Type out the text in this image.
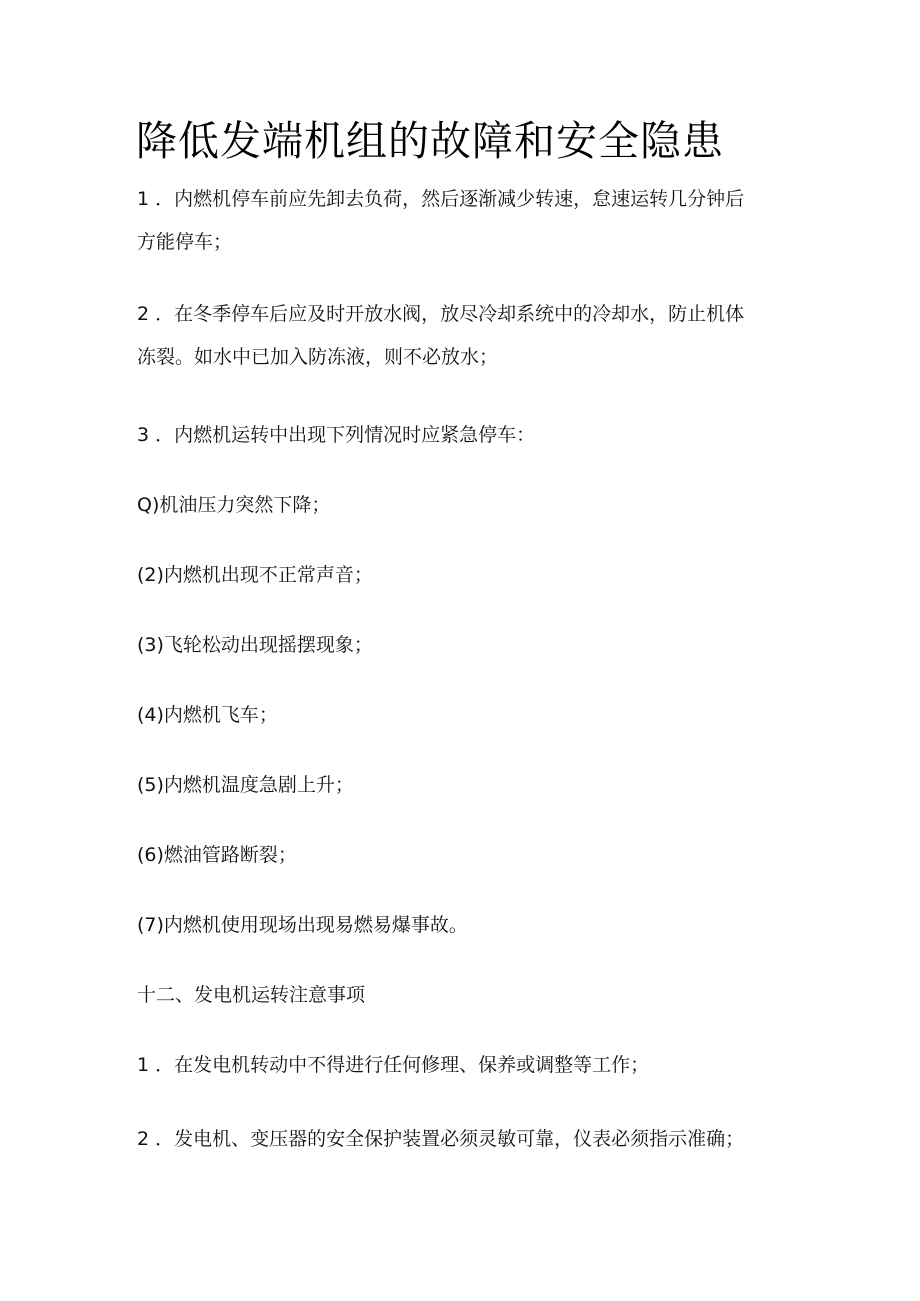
降低发端机组的故障和安全隐患
1 ．内燃机停车前应先卸去负荷，然后逐渐减少转速，怠速运转几分钟后
方能停车；
2 ．在冬季停车后应及时开放水阀，放尽冷却系统中的冷却水，防止机体
冻裂。如水中已加入防冻液，则不必放水；
3 ．内燃机运转中出现下列情况时应紧急停车：
Q)机油压力突然下降；
(2)内燃机出现不正常声音；
(3)飞轮松动出现摇摆现象；
(4)内燃机飞车；
(5)内燃机温度急剧上升；
(6)燃油管路断裂；
(7)内燃机使用现场出现易燃易爆事故。
十二、发电机运转注意事项
1 ．在发电机转动中不得进行任何修理、保养或调整等工作；
2 ．发电机、变压器的安全保护装置必须灵敏可靠，仪表必须指示准确；
